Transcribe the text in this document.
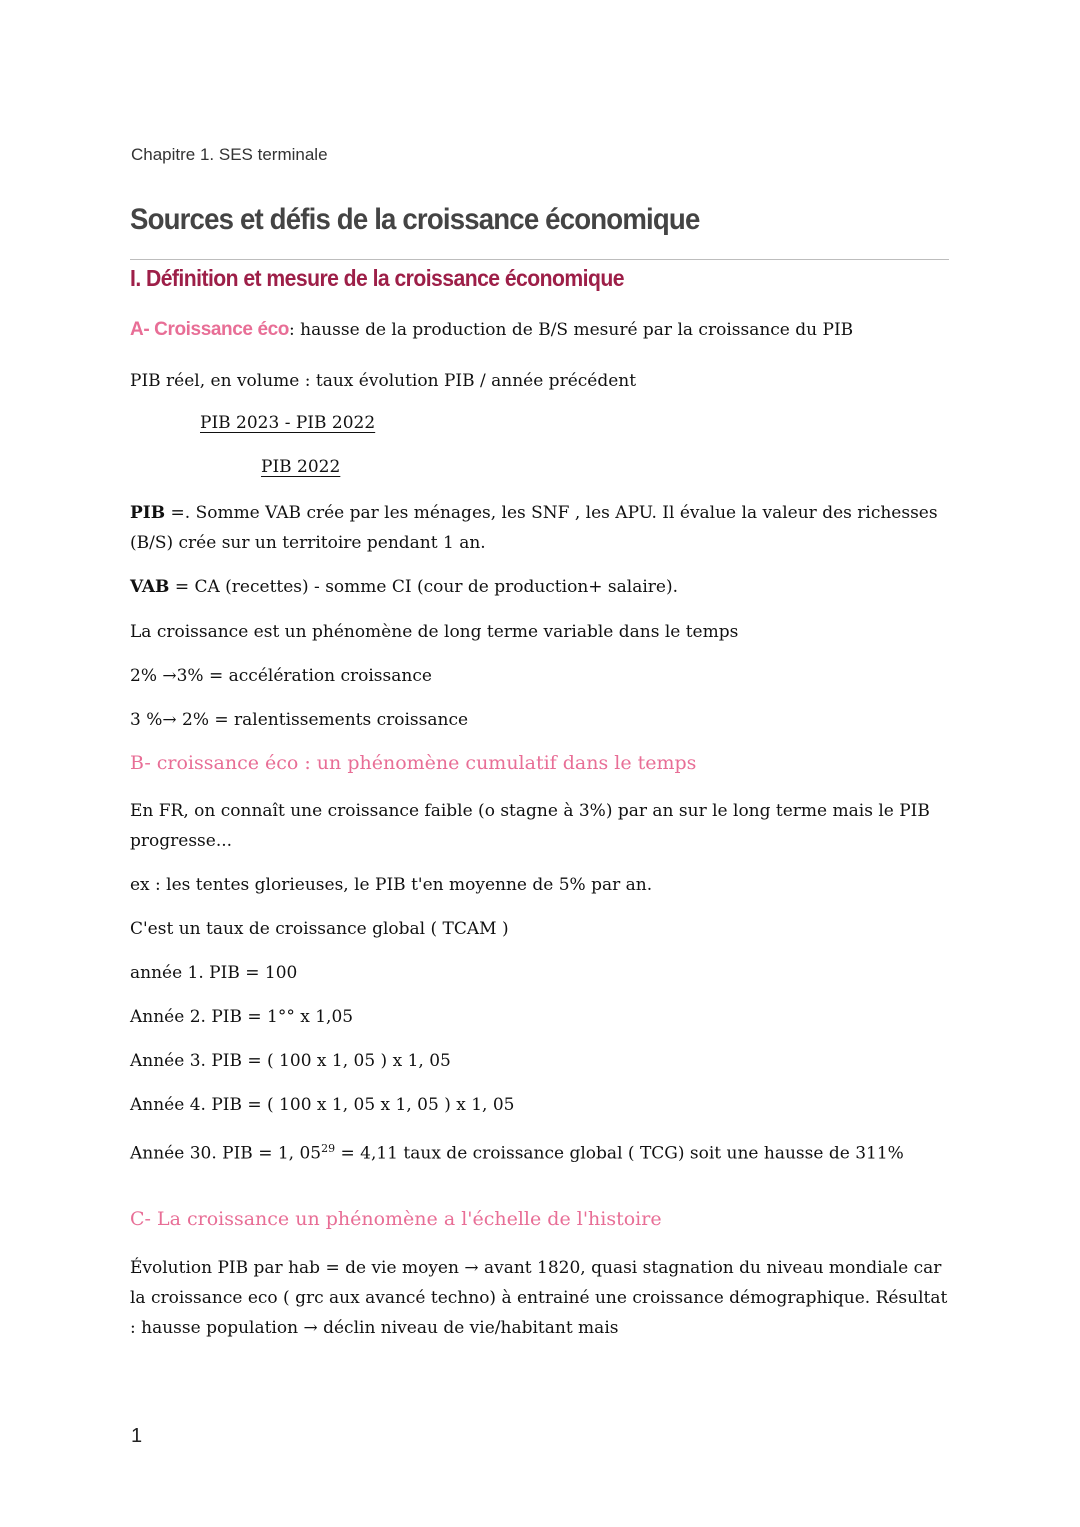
Chapitre 1. SES terminale
Sources et défis de la croissance économique
I. Définition et mesure de la croissance économique

A- Croissance éco: hausse de la production de B/S mesuré par la croissance du PIB

PIB réel, en volume : taux évolution PIB / année précédent

PIB 2023 - PIB 2022
PIB 2022

PIB =. Somme VAB crée par les ménages, les SNF , les APU. Il évalue la valeur des richesses (B/S) crée sur un territoire pendant 1 an.

VAB = CA (recettes) - somme CI (cour de production+ salaire).

La croissance est un phénomène de long terme variable dans le temps

2% →3% = accélération croissance

3 %→ 2% = ralentissements croissance

B- croissance éco : un phénomène cumulatif dans le temps

En FR, on connaît une croissance faible (o stagne à 3%) par an sur le long terme mais le PIB progresse...

ex : les tentes glorieuses, le PIB t'en moyenne de 5% par an.

C'est un taux de croissance global ( TCAM )

année 1. PIB = 100

Année 2. PIB = 1°° x 1,05

Année 3. PIB = ( 100 x 1, 05 ) x 1, 05

Année 4. PIB = ( 100 x 1, 05 x 1, 05 ) x 1, 05

Année 30. PIB = 1, $05^{29} = 4,11$ taux de croissance global ( TCG) soit une hausse de 311%

C- La croissance un phénomène a l'échelle de l'histoire

Évolution PIB par hab = de vie moyen → avant 1820, quasi stagnation du niveau mondiale car la croissance eco ( grc aux avancé techno) à entrainé une croissance démographique. Résultat : hausse population → déclin niveau de vie/habitant mais

1
